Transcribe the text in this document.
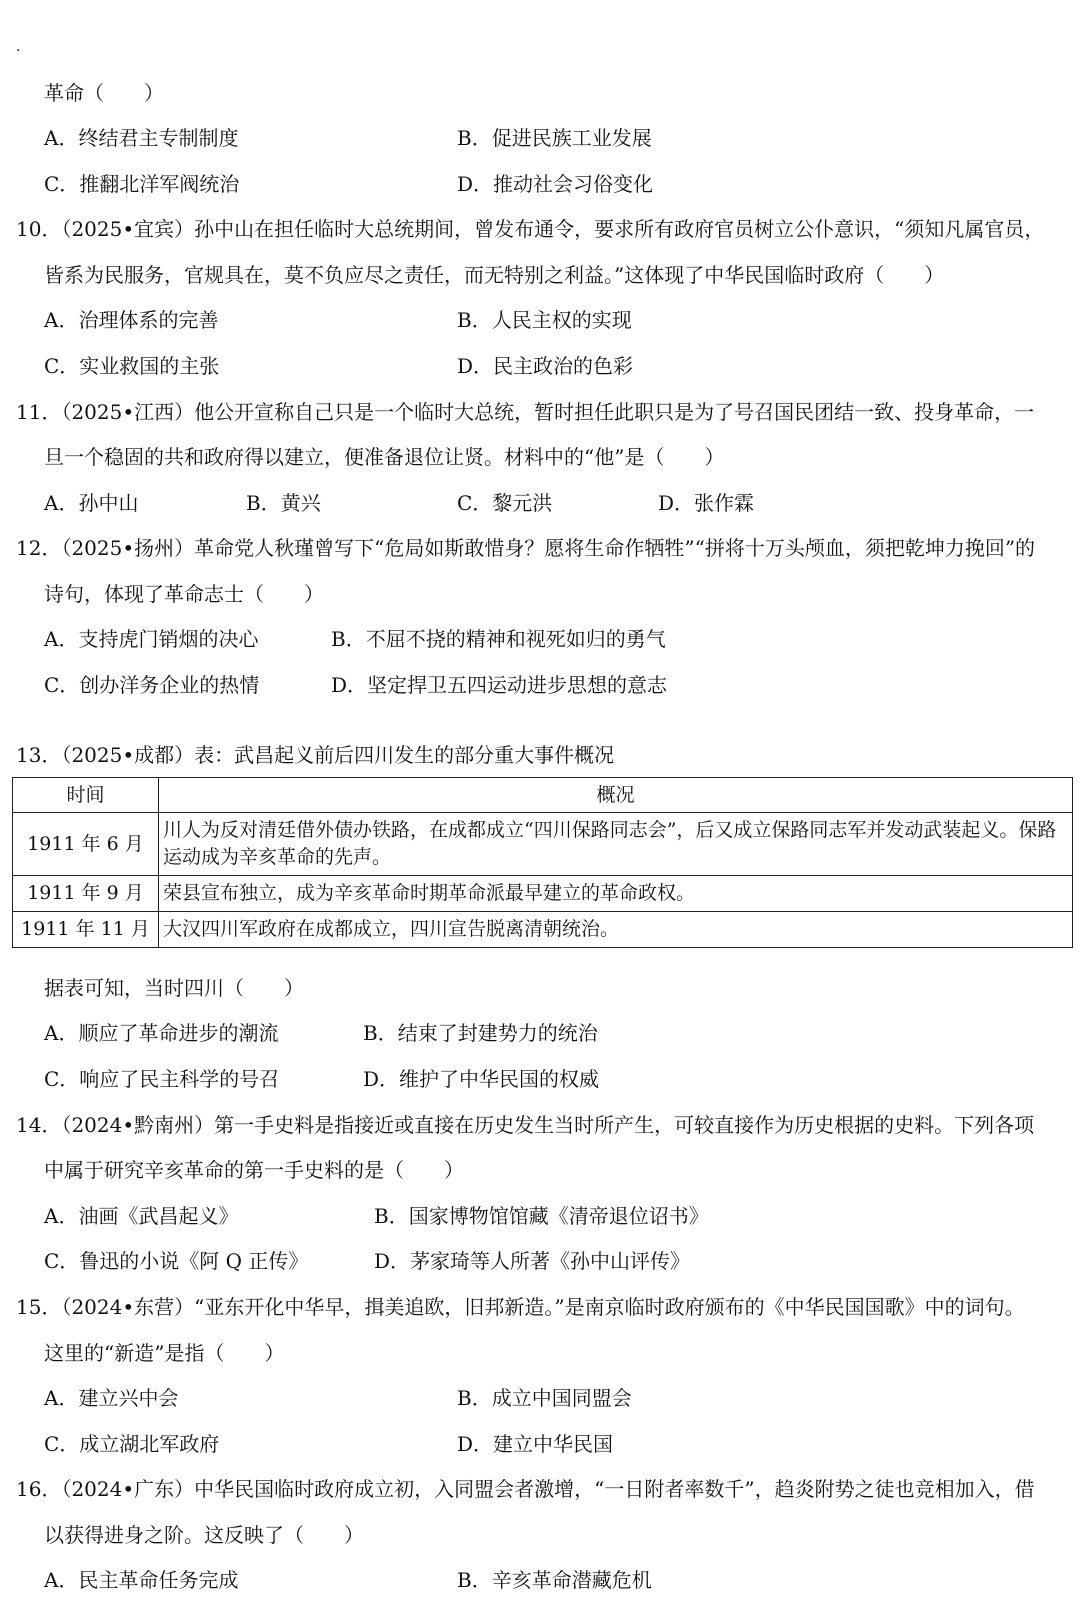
.
革命（　　）
A．终结君主专制制度	B．促进民族工业发展
C．推翻北洋军阀统治	D．推动社会习俗变化
10．（2025•宜宾）孙中山在担任临时大总统期间，曾发布通令，要求所有政府官员树立公仆意识，“须知凡属官员，
皆系为民服务，官规具在，莫不负应尽之责任，而无特别之利益。”这体现了中华民国临时政府（　　）
A．治理体系的完善	B．人民主权的实现
C．实业救国的主张	D．民主政治的色彩
11．（2025•江西）他公开宣称自己只是一个临时大总统，暂时担任此职只是为了号召国民团结一致、投身革命，一
旦一个稳固的共和政府得以建立，便准备退位让贤。材料中的“他”是（　　）
A．孙中山	B．黄兴	C．黎元洪	D．张作霖
12．（2025•扬州）革命党人秋瑾曾写下“危局如斯敢惜身？愿将生命作牺牲”“拼将十万头颅血，须把乾坤力挽回”的
诗句，体现了革命志士（　　）
A．支持虎门销烟的决心	B．不屈不挠的精神和视死如归的勇气
C．创办洋务企业的热情	D．坚定捍卫五四运动进步思想的意志
13．（2025•成都）表：武昌起义前后四川发生的部分重大事件概况
时间	概况
1911 年 6 月	川人为反对清廷借外债办铁路，在成都成立“四川保路同志会”，后又成立保路同志军并发动武装起义。保路运动成为辛亥革命的先声。
1911 年 9 月	荣县宣布独立，成为辛亥革命时期革命派最早建立的革命政权。
1911 年 11 月	大汉四川军政府在成都成立，四川宣告脱离清朝统治。
据表可知，当时四川（　　）
A．顺应了革命进步的潮流	B．结束了封建势力的统治
C．响应了民主科学的号召	D．维护了中华民国的权威
14．（2024•黔南州）第一手史料是指接近或直接在历史发生当时所产生，可较直接作为历史根据的史料。下列各项
中属于研究辛亥革命的第一手史料的是（　　）
A．油画《武昌起义》	B．国家博物馆馆藏《清帝退位诏书》
C．鲁迅的小说《阿 Q 正传》	D．茅家琦等人所著《孙中山评传》
15．（2024•东营）“亚东开化中华早，揖美追欧，旧邦新造。”是南京临时政府颁布的《中华民国国歌》中的词句。
这里的“新造”是指（　　）
A．建立兴中会	B．成立中国同盟会
C．成立湖北军政府	D．建立中华民国
16．（2024•广东）中华民国临时政府成立初，入同盟会者激增，“一日附者率数千”，趋炎附势之徒也竞相加入，借
以获得进身之阶。这反映了（　　）
A．民主革命任务完成	B．辛亥革命潜藏危机
